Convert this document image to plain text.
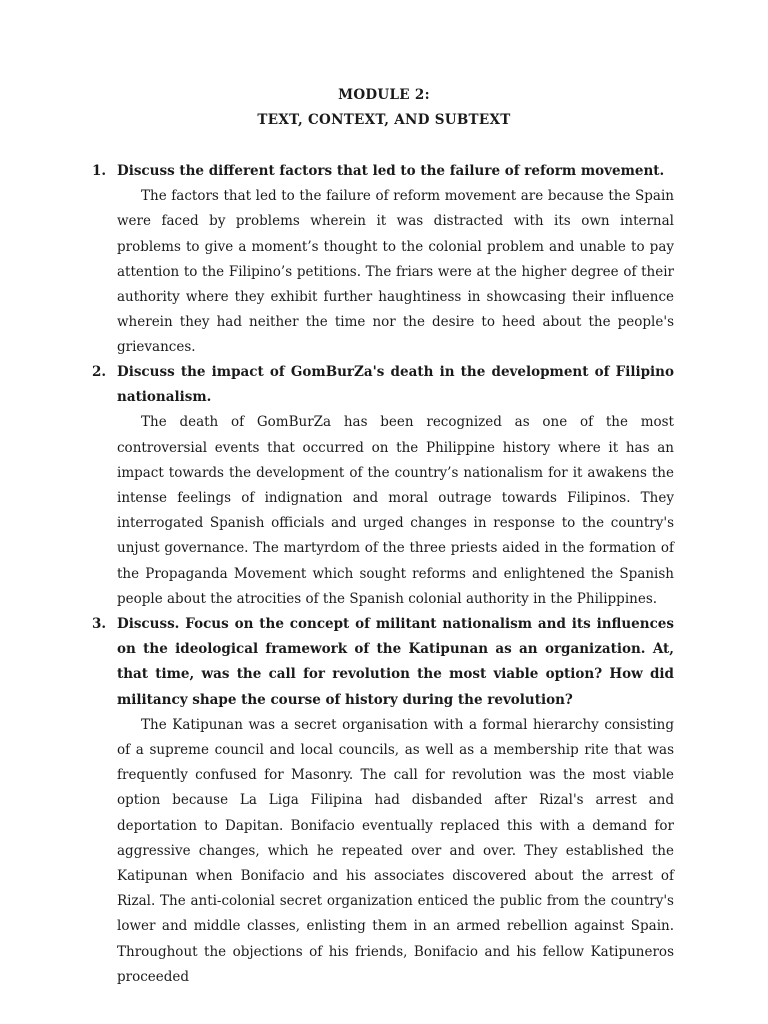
MODULE 2:
TEXT, CONTEXT, AND SUBTEXT
1. Discuss the different factors that led to the failure of reform movement.
The factors that led to the failure of reform movement are because the Spain were faced by problems wherein it was distracted with its own internal problems to give a moment’s thought to the colonial problem and unable to pay attention to the Filipino’s petitions. The friars were at the higher degree of their authority where they exhibit further haughtiness in showcasing their influence wherein they had neither the time nor the desire to heed about the people's grievances.
2. Discuss the impact of GomBurZa's death in the development of Filipino nationalism.
The death of GomBurZa has been recognized as one of the most controversial events that occurred on the Philippine history where it has an impact towards the development of the country’s nationalism for it awakens the intense feelings of indignation and moral outrage towards Filipinos. They interrogated Spanish officials and urged changes in response to the country's unjust governance. The martyrdom of the three priests aided in the formation of the Propaganda Movement which sought reforms and enlightened the Spanish people about the atrocities of the Spanish colonial authority in the Philippines.
3. Discuss. Focus on the concept of militant nationalism and its influences on the ideological framework of the Katipunan as an organization. At, that time, was the call for revolution the most viable option? How did militancy shape the course of history during the revolution?
The Katipunan was a secret organisation with a formal hierarchy consisting of a supreme council and local councils, as well as a membership rite that was frequently confused for Masonry. The call for revolution was the most viable option because La Liga Filipina had disbanded after Rizal's arrest and deportation to Dapitan. Bonifacio eventually replaced this with a demand for aggressive changes, which he repeated over and over. They established the Katipunan when Bonifacio and his associates discovered about the arrest of Rizal. The anti-colonial secret organization enticed the public from the country's lower and middle classes, enlisting them in an armed rebellion against Spain. Throughout the objections of his friends, Bonifacio and his fellow Katipuneros proceeded
